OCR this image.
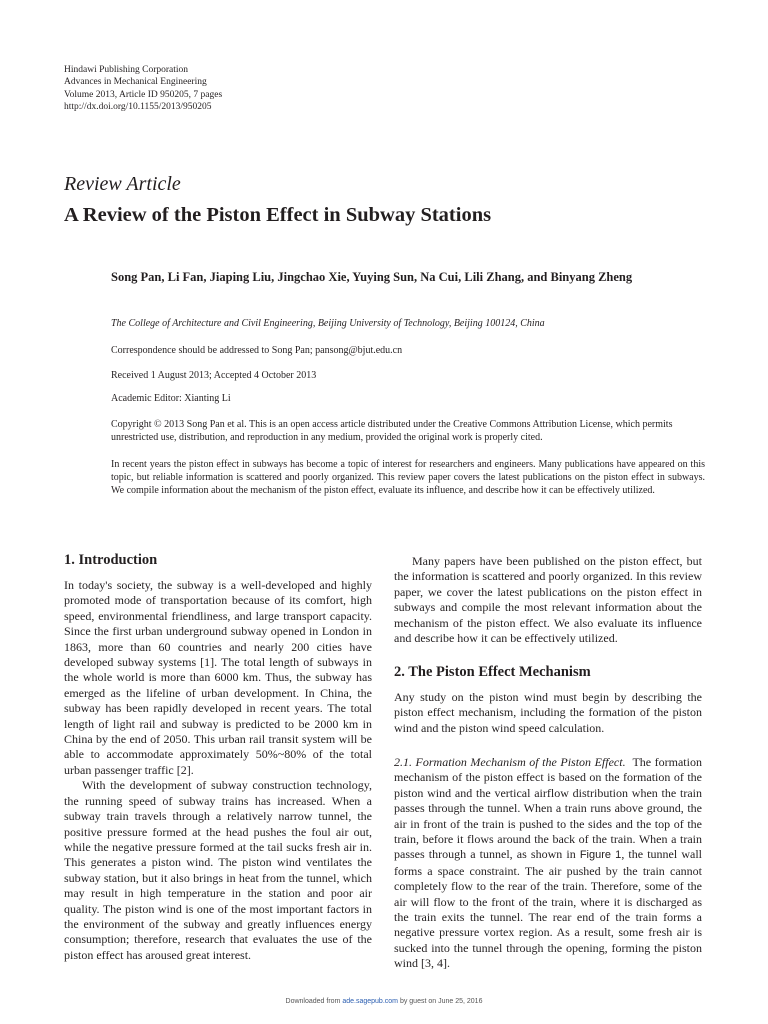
Hindawi Publishing Corporation
Advances in Mechanical Engineering
Volume 2013, Article ID 950205, 7 pages
http://dx.doi.org/10.1155/2013/950205
Review Article
A Review of the Piston Effect in Subway Stations
Song Pan, Li Fan, Jiaping Liu, Jingchao Xie, Yuying Sun, Na Cui, Lili Zhang, and Binyang Zheng
The College of Architecture and Civil Engineering, Beijing University of Technology, Beijing 100124, China
Correspondence should be addressed to Song Pan; pansong@bjut.edu.cn
Received 1 August 2013; Accepted 4 October 2013
Academic Editor: Xianting Li
Copyright © 2013 Song Pan et al. This is an open access article distributed under the Creative Commons Attribution License, which permits unrestricted use, distribution, and reproduction in any medium, provided the original work is properly cited.
In recent years the piston effect in subways has become a topic of interest for researchers and engineers. Many publications have appeared on this topic, but reliable information is scattered and poorly organized. This review paper covers the latest publications on the piston effect in subways. We compile information about the mechanism of the piston effect, evaluate its influence, and describe how it can be effectively utilized.
1. Introduction

In today's society, the subway is a well-developed and highly promoted mode of transportation because of its comfort, high speed, environmental friendliness, and large transport capacity. Since the first urban underground subway opened in London in 1863, more than 60 countries and nearly 200 cities have developed subway systems [1]. The total length of subways in the whole world is more than 6000 km. Thus, the subway has emerged as the lifeline of urban development. In China, the subway has been rapidly developed in recent years. The total length of light rail and subway is predicted to be 2000 km in China by the end of 2050. This urban rail transit system will be able to accommodate approximately 50%~80% of the total urban passenger traffic [2].

With the development of subway construction technology, the running speed of subway trains has increased. When a subway train travels through a relatively narrow tunnel, the positive pressure formed at the head pushes the foul air out, while the negative pressure formed at the tail sucks fresh air in. This generates a piston wind. The piston wind ventilates the subway station, but it also brings in heat from the tunnel, which may result in high temperature in the station and poor air quality. The piston wind is one of the most important factors in the environment of the subway and greatly influences energy consumption; therefore, research that evaluates the use of the piston effect has aroused great interest.

Many papers have been published on the piston effect, but the information is scattered and poorly organized. In this review paper, we cover the latest publications on the piston effect in subways and compile the most relevant information about the mechanism of the piston effect. We also evaluate its influence and describe how it can be effectively utilized.

2. The Piston Effect Mechanism

Any study on the piston wind must begin by describing the piston effect mechanism, including the formation of the piston wind and the piston wind speed calculation.

2.1. Formation Mechanism of the Piston Effect. The formation mechanism of the piston effect is based on the formation of the piston wind and the vertical airflow distribution when the train passes through the tunnel. When a train runs above ground, the air in front of the train is pushed to the sides and the top of the train, before it flows around the back of the train. When a train passes through a tunnel, as shown in Figure 1, the tunnel wall forms a space constraint. The air pushed by the train cannot completely flow to the rear of the train. Therefore, some of the air will flow to the front of the train, where it is discharged as the train exits the tunnel. The rear end of the train forms a negative pressure vortex region. As a result, some fresh air is sucked into the tunnel through the opening, forming the piston wind [3, 4].

Downloaded from ade.sagepub.com by guest on June 25, 2016
